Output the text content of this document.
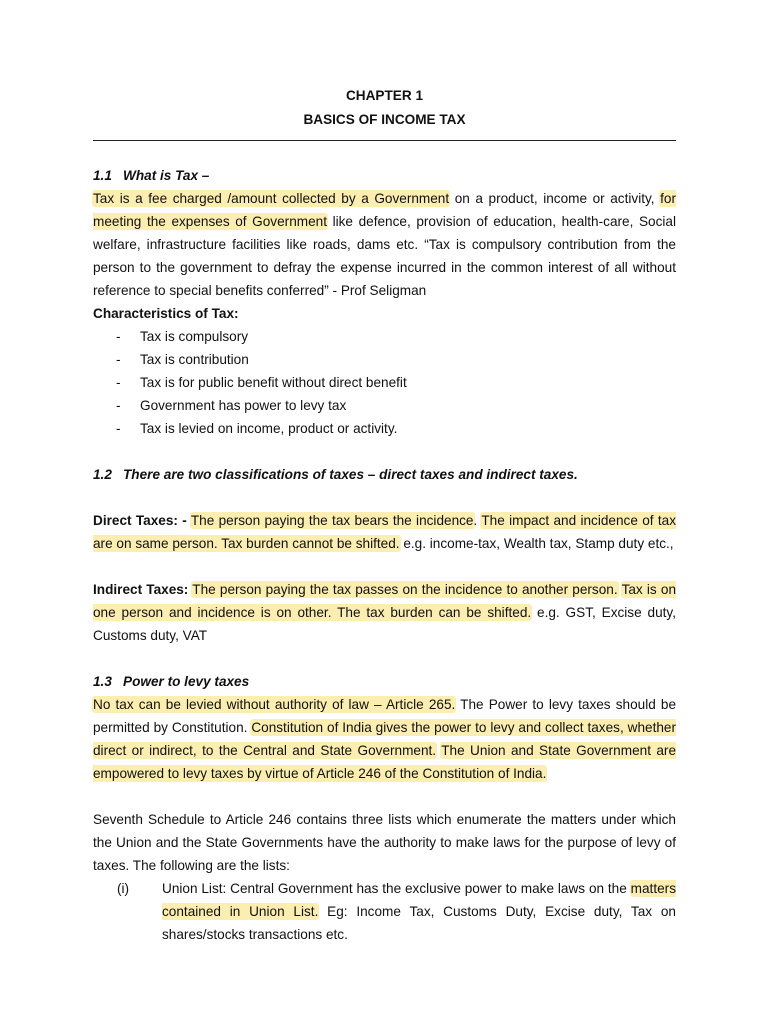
CHAPTER 1
BASICS OF INCOME TAX
1.1 What is Tax –

Tax is a fee charged /amount collected by a Government on a product, income or activity, for meeting the expenses of Government like defence, provision of education, health-care, Social welfare, infrastructure facilities like roads, dams etc. “Tax is compulsory contribution from the person to the government to defray the expense incurred in the common interest of all without reference to special benefits conferred” - Prof Seligman

Characteristics of Tax:
- Tax is compulsory
- Tax is contribution
- Tax is for public benefit without direct benefit
- Government has power to levy tax
- Tax is levied on income, product or activity.
1.2 There are two classifications of taxes – direct taxes and indirect taxes.

Direct Taxes: - The person paying the tax bears the incidence. The impact and incidence of tax are on same person. Tax burden cannot be shifted. e.g. income-tax, Wealth tax, Stamp duty etc.,

Indirect Taxes: The person paying the tax passes on the incidence to another person. Tax is on one person and incidence is on other. The tax burden can be shifted. e.g. GST, Excise duty, Customs duty, VAT

1.3 Power to levy taxes

No tax can be levied without authority of law – Article 265. The Power to levy taxes should be permitted by Constitution. Constitution of India gives the power to levy and collect taxes, whether direct or indirect, to the Central and State Government. The Union and State Government are empowered to levy taxes by virtue of Article 246 of the Constitution of India.

Seventh Schedule to Article 246 contains three lists which enumerate the matters under which the Union and the State Governments have the authority to make laws for the purpose of levy of taxes. The following are the lists:

(i) Union List: Central Government has the exclusive power to make laws on the matters contained in Union List. Eg: Income Tax, Customs Duty, Excise duty, Tax on shares/stocks transactions etc.
